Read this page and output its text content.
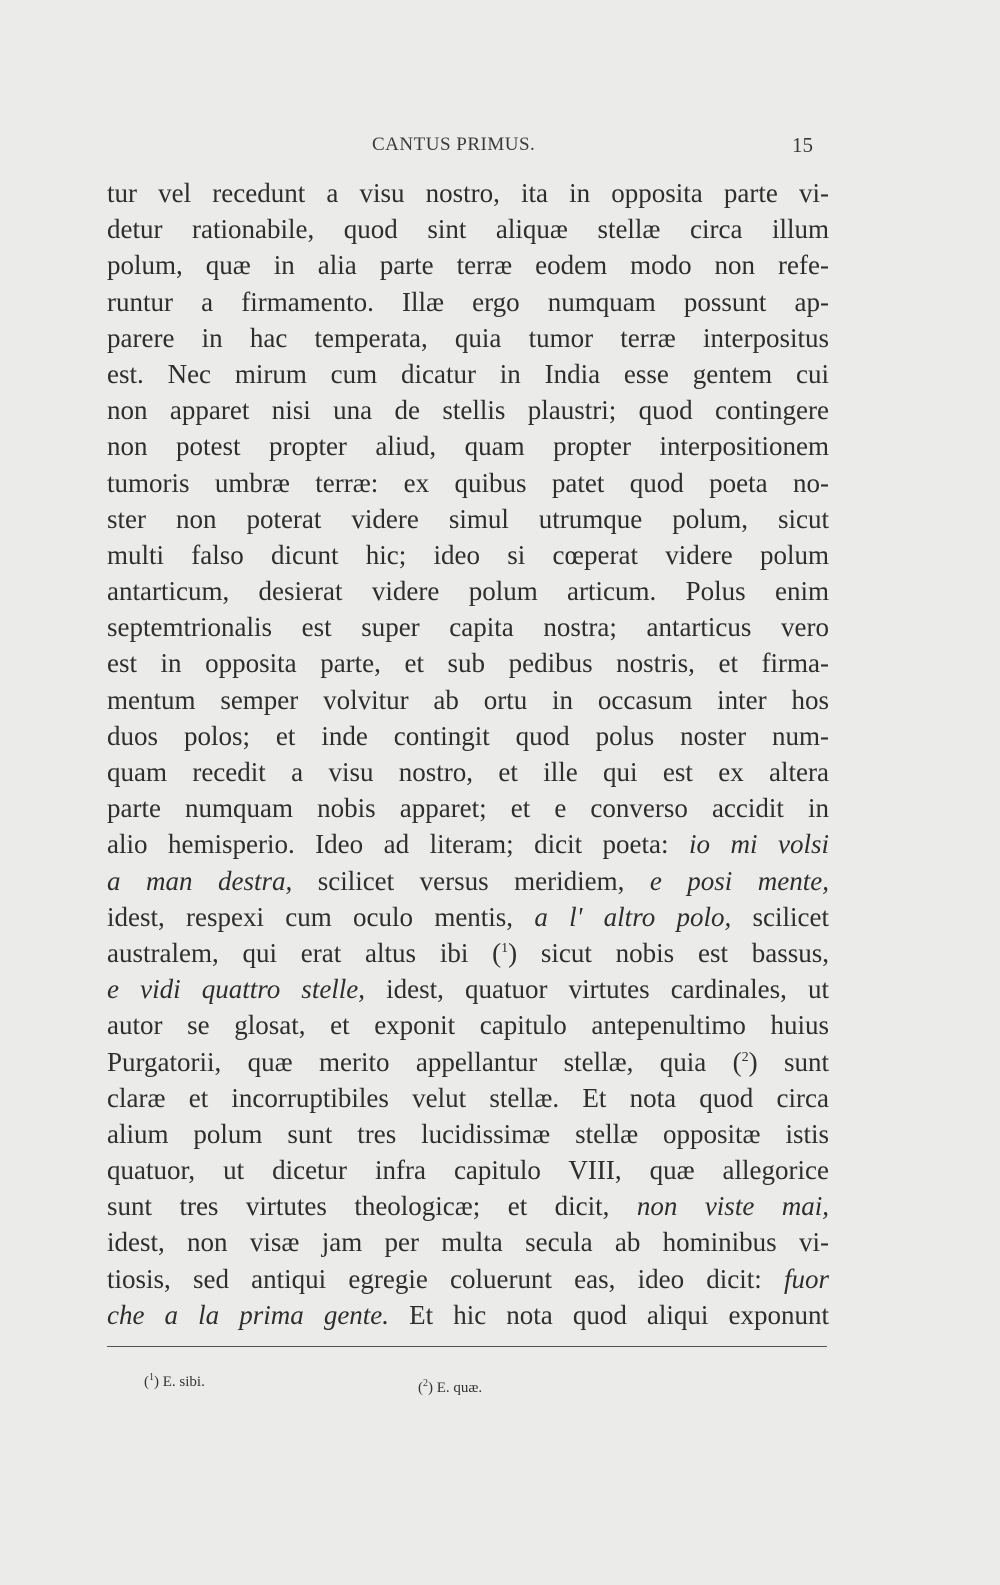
CANTUS PRIMUS.	15
tur vel recedunt a visu nostro, ita in opposita parte vi-
detur rationabile, quod sint aliquæ stellæ circa illum
polum, quæ in alia parte terræ eodem modo non refe-
runtur a firmamento. Illæ ergo numquam possunt ap-
parere in hac temperata, quia tumor terræ interpositus
est. Nec mirum cum dicatur in India esse gentem cui
non apparet nisi una de stellis plaustri; quod contingere
non potest propter aliud, quam propter interpositionem
tumoris umbræ terræ: ex quibus patet quod poeta no-
ster non poterat videre simul utrumque polum, sicut
multi falso dicunt hic; ideo si cœperat videre polum
antarticum, desierat videre polum articum. Polus enim
septemtrionalis est super capita nostra; antarticus vero
est in opposita parte, et sub pedibus nostris, et firma-
mentum semper volvitur ab ortu in occasum inter hos
duos polos; et inde contingit quod polus noster num-
quam recedit a visu nostro, et ille qui est ex altera
parte numquam nobis apparet; et e converso accidit in
alio hemisperio. Ideo ad literam; dicit poeta: io mi volsi
a man destra, scilicet versus meridiem, e posi mente,
idest, respexi cum oculo mentis, a l' altro polo, scilicet
australem, qui erat altus ibi ($^1$) sicut nobis est bassus,
e vidi quattro stelle, idest, quatuor virtutes cardinales, ut
autor se glosat, et exponit capitulo antepenultimo huius
Purgatorii, quæ merito appellantur stellæ, quia ($^2$) sunt
claræ et incorruptibiles velut stellæ. Et nota quod circa
alium polum sunt tres lucidissimæ stellæ oppositæ istis
quatuor, ut dicetur infra capitulo VIII, quæ allegorice
sunt tres virtutes theologicæ; et dicit, non viste mai,
idest, non visæ jam per multa secula ab hominibus vi-
tiosis, sed antiqui egregie coluerunt eas, ideo dicit: fuor
che a la prima gente. Et hic nota quod aliqui exponunt
($^1$) E. sibi.	($^2$) E. quæ.
